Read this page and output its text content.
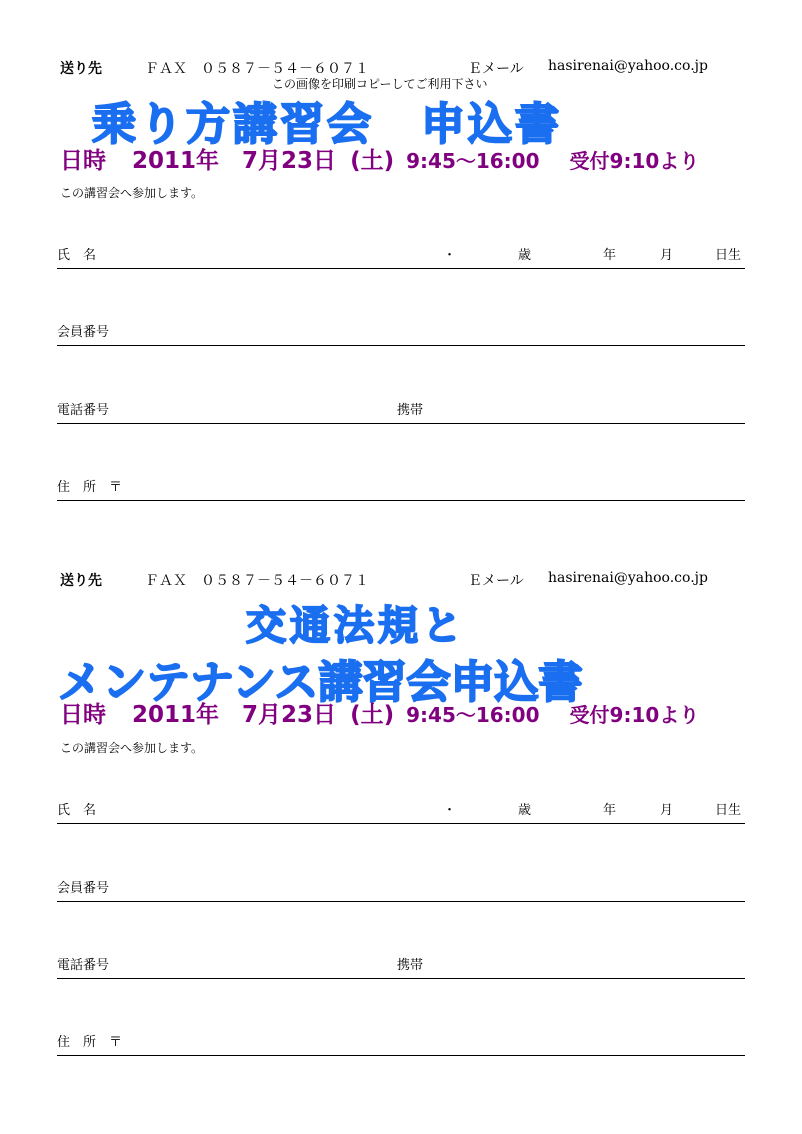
送り先	ＦＡＸ　０５８７－５４－６０７１	Ｅメール hasirenai@yahoo.co.jp
この画像を印刷コピーしてご利用下さい
乗り方講習会　申込書
日時 2011年　7月23日 (土) 9:45～16:00 受付9:10より
この講習会へ参加します。
氏　名	・	歳	年	月	日生
会員番号
電話番号	携帯
住　所　〒
送り先	ＦＡＸ　０５８７－５４－６０７１	Ｅメール hasirenai@yahoo.co.jp
交通法規と
メンテナンス講習会申込書
日時 2011年　7月23日 (土) 9:45～16:00 受付9:10より
この講習会へ参加します。
氏　名	・	歳	年	月	日生
会員番号
電話番号	携帯
住　所　〒
